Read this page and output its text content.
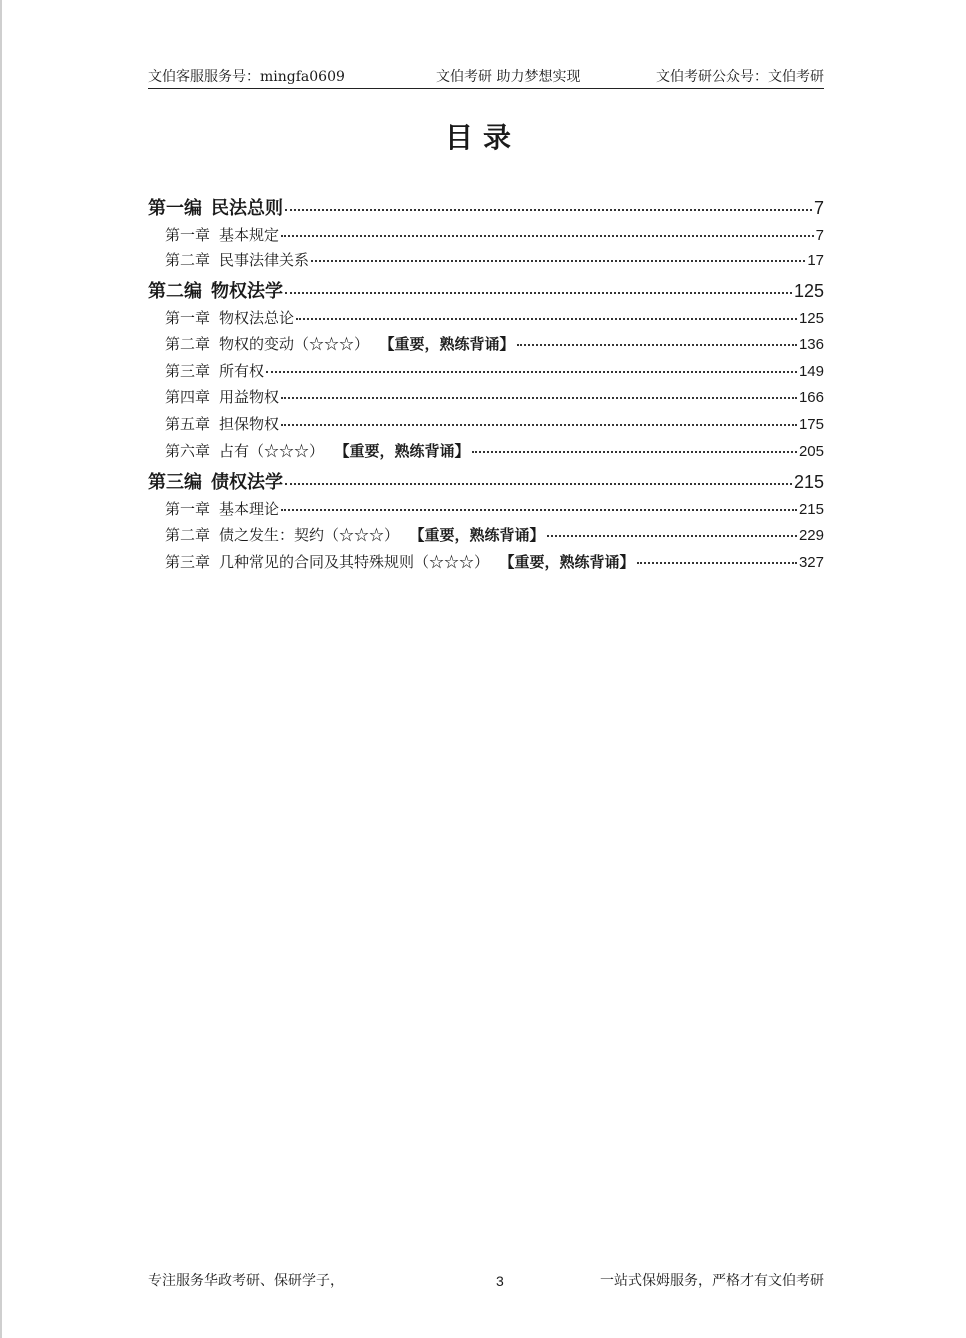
文伯客服服务号：mingfa0609	文伯考研 助力梦想实现	文伯考研公众号：文伯考研
目录
第一编 民法总则	7
第一章 基本规定	7
第二章 民事法律关系	17
第二编 物权法学	125
第一章 物权法总论	125
第二章 物权的变动（☆☆☆） 【重要，熟练背诵】	136
第三章 所有权	149
第四章 用益物权	166
第五章 担保物权	175
第六章 占有（☆☆☆） 【重要，熟练背诵】	205
第三编 债权法学	215
第一章 基本理论	215
第二章 债之发生：契约（☆☆☆） 【重要，熟练背诵】	229
第三章 几种常见的合同及其特殊规则（☆☆☆） 【重要，熟练背诵】	327
专注服务华政考研、保研学子，	3	一站式保姆服务，严格才有文伯考研
